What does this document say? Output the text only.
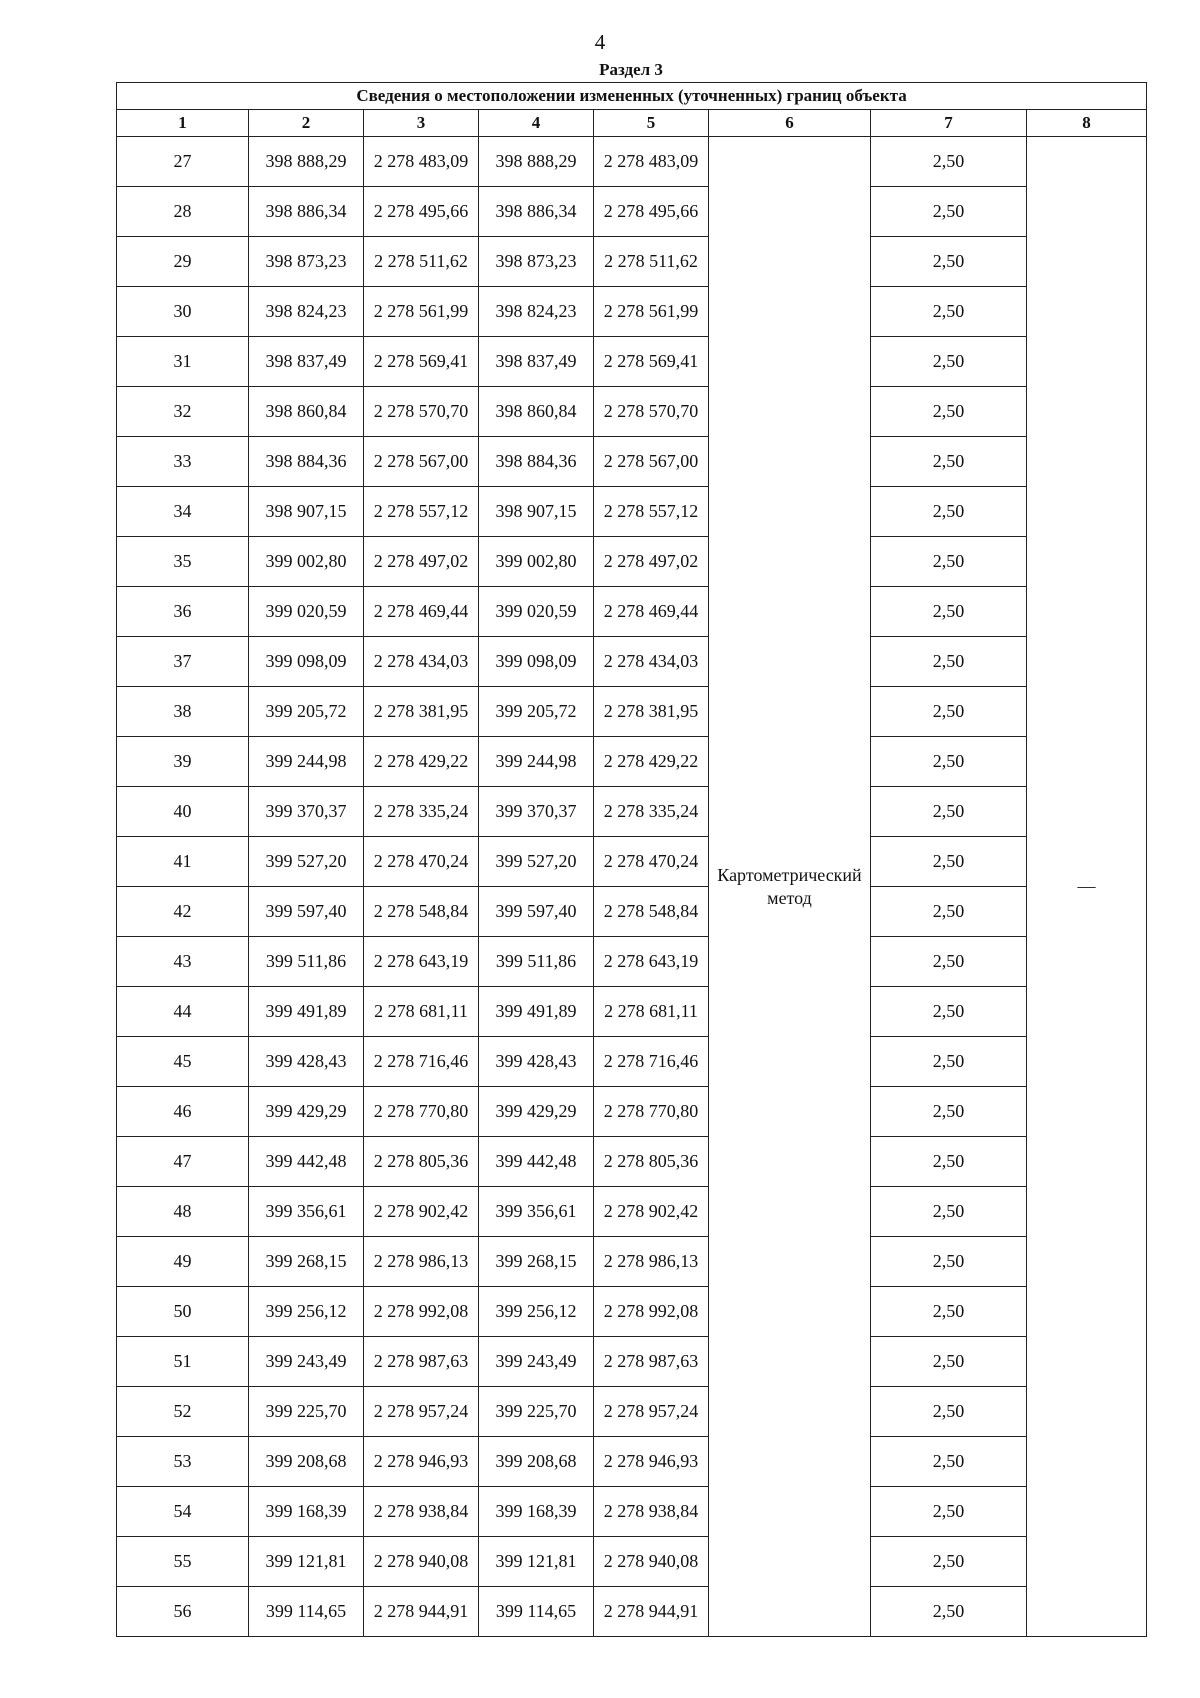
4
Раздел 3
Сведения о местоположении измененных (уточненных) границ объекта							
1	2	3	4	5	6	7	8
27	398 888,29	2 278 483,09	398 888,29	2 278 483,09	Картометрический метод	2,50	—
28	398 886,34	2 278 495,66	398 886,34	2 278 495,66		2,50	
29	398 873,23	2 278 511,62	398 873,23	2 278 511,62		2,50	
30	398 824,23	2 278 561,99	398 824,23	2 278 561,99		2,50	
31	398 837,49	2 278 569,41	398 837,49	2 278 569,41		2,50	
32	398 860,84	2 278 570,70	398 860,84	2 278 570,70		2,50	
33	398 884,36	2 278 567,00	398 884,36	2 278 567,00		2,50	
34	398 907,15	2 278 557,12	398 907,15	2 278 557,12		2,50	
35	399 002,80	2 278 497,02	399 002,80	2 278 497,02		2,50	
36	399 020,59	2 278 469,44	399 020,59	2 278 469,44		2,50	
37	399 098,09	2 278 434,03	399 098,09	2 278 434,03		2,50	
38	399 205,72	2 278 381,95	399 205,72	2 278 381,95		2,50	
39	399 244,98	2 278 429,22	399 244,98	2 278 429,22		2,50	
40	399 370,37	2 278 335,24	399 370,37	2 278 335,24		2,50	
41	399 527,20	2 278 470,24	399 527,20	2 278 470,24		2,50	
42	399 597,40	2 278 548,84	399 597,40	2 278 548,84		2,50	
43	399 511,86	2 278 643,19	399 511,86	2 278 643,19		2,50	
44	399 491,89	2 278 681,11	399 491,89	2 278 681,11		2,50	
45	399 428,43	2 278 716,46	399 428,43	2 278 716,46		2,50	
46	399 429,29	2 278 770,80	399 429,29	2 278 770,80		2,50	
47	399 442,48	2 278 805,36	399 442,48	2 278 805,36		2,50	
48	399 356,61	2 278 902,42	399 356,61	2 278 902,42		2,50	
49	399 268,15	2 278 986,13	399 268,15	2 278 986,13		2,50	
50	399 256,12	2 278 992,08	399 256,12	2 278 992,08		2,50	
51	399 243,49	2 278 987,63	399 243,49	2 278 987,63		2,50	
52	399 225,70	2 278 957,24	399 225,70	2 278 957,24		2,50	
53	399 208,68	2 278 946,93	399 208,68	2 278 946,93		2,50	
54	399 168,39	2 278 938,84	399 168,39	2 278 938,84		2,50	
55	399 121,81	2 278 940,08	399 121,81	2 278 940,08		2,50	
56	399 114,65	2 278 944,91	399 114,65	2 278 944,91		2,50	
